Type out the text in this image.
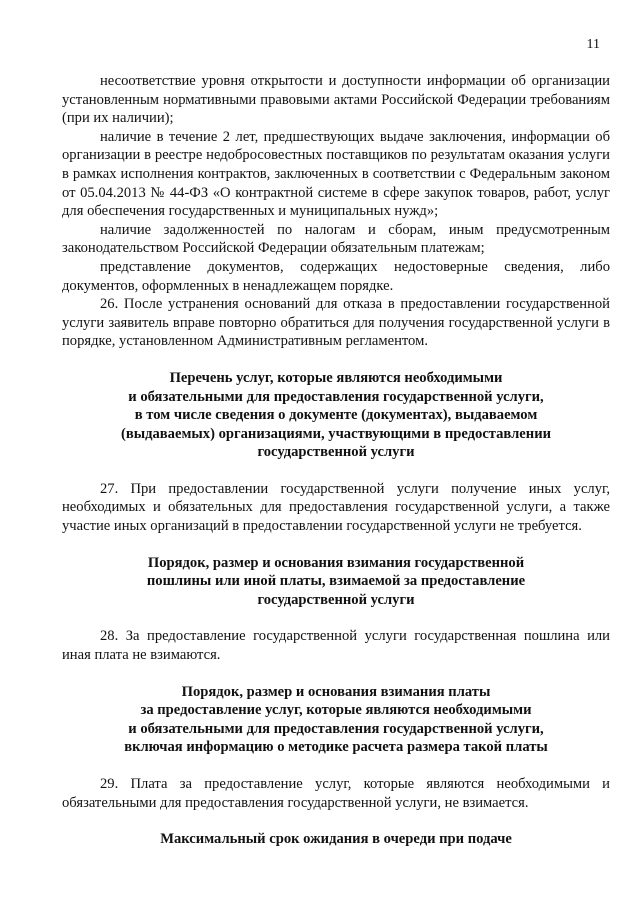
11

несоответствие уровня открытости и доступности информации об организации установленным нормативными правовыми актами Российской Федерации требованиям (при их наличии);

наличие в течение 2 лет, предшествующих выдаче заключения, информации об организации в реестре недобросовестных поставщиков по результатам оказания услуги в рамках исполнения контрактов, заключенных в соответствии с Федеральным законом от 05.04.2013 № 44-ФЗ «О контрактной системе в сфере закупок товаров, работ, услуг для обеспечения государственных и муниципальных нужд»;

наличие задолженностей по налогам и сборам, иным предусмотренным законодательством Российской Федерации обязательным платежам;

представление документов, содержащих недостоверные сведения, либо документов, оформленных в ненадлежащем порядке.

26. После устранения оснований для отказа в предоставлении государственной услуги заявитель вправе повторно обратиться для получения государственной услуги в порядке, установленном Административным регламентом.

Перечень услуг, которые являются необходимыми
и обязательными для предоставления государственной услуги,
в том числе сведения о документе (документах), выдаваемом
(выдаваемых) организациями, участвующими в предоставлении
государственной услуги

27. При предоставлении государственной услуги получение иных услуг, необходимых и обязательных для предоставления государственной услуги, а также участие иных организаций в предоставлении государственной услуги не требуется.

Порядок, размер и основания взимания государственной
пошлины или иной платы, взимаемой за предоставление
государственной услуги

28. За предоставление государственной услуги государственная пошлина или иная плата не взимаются.

Порядок, размер и основания взимания платы
за предоставление услуг, которые являются необходимыми
и обязательными для предоставления государственной услуги,
включая информацию о методике расчета размера такой платы

29. Плата за предоставление услуг, которые являются необходимыми и обязательными для предоставления государственной услуги, не взимается.

Максимальный срок ожидания в очереди при подаче
